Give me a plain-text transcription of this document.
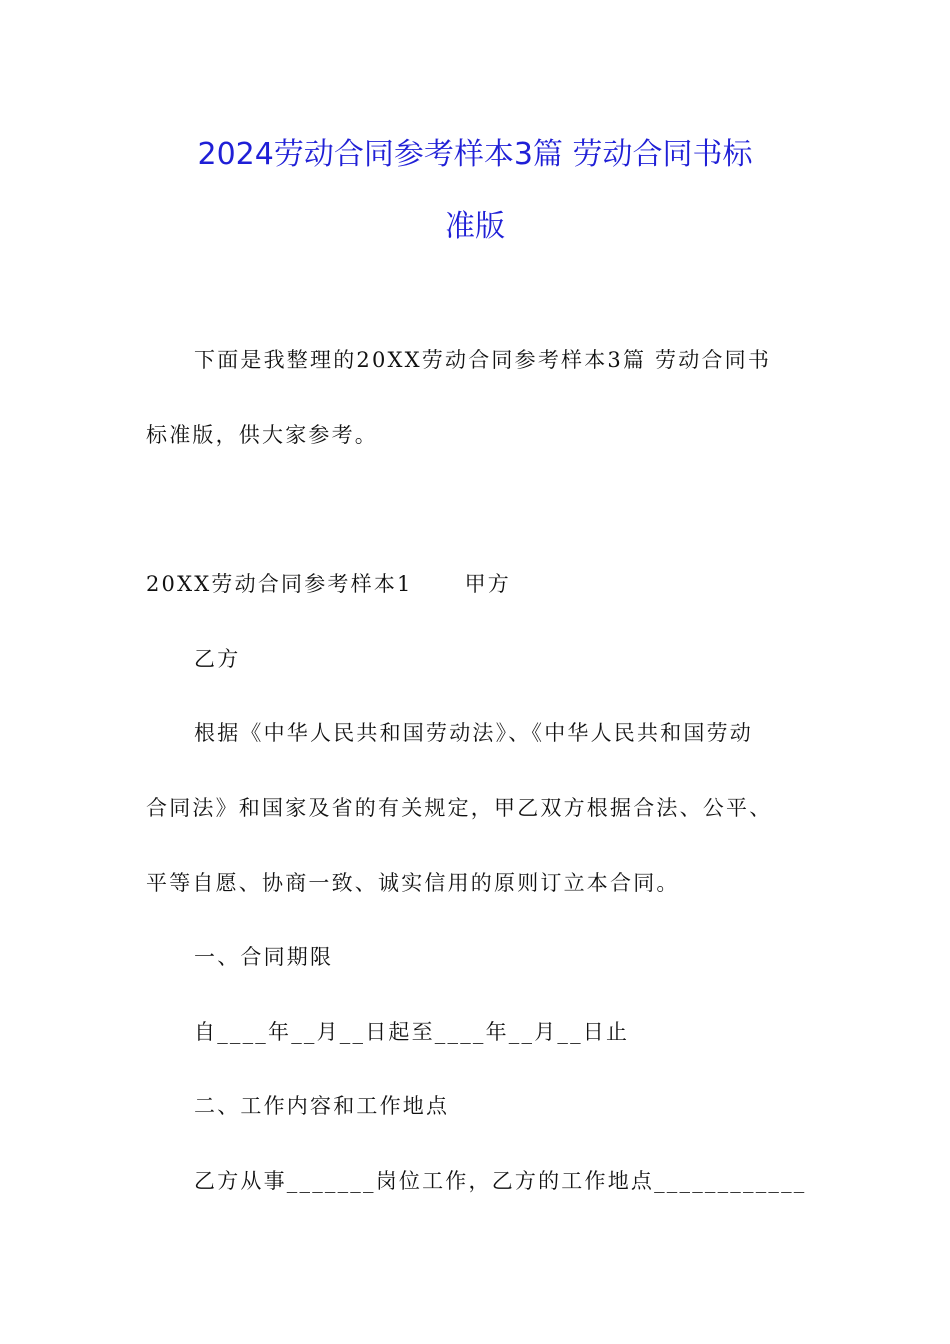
2024劳动合同参考样本3篇 劳动合同书标
准版
下面是我整理的20XX劳动合同参考样本3篇 劳动合同书
标准版，供大家参考。
20XX劳动合同参考样本1 甲方
乙方
根据《中华人民共和国劳动法》、《中华人民共和国劳动
合同法》和国家及省的有关规定，甲乙双方根据合法、公平、
平等自愿、协商一致、诚实信用的原则订立本合同。
一、合同期限
自____年__月__日起至____年__月__日止
二、工作内容和工作地点
乙方从事_______岗位工作，乙方的工作地点____________
